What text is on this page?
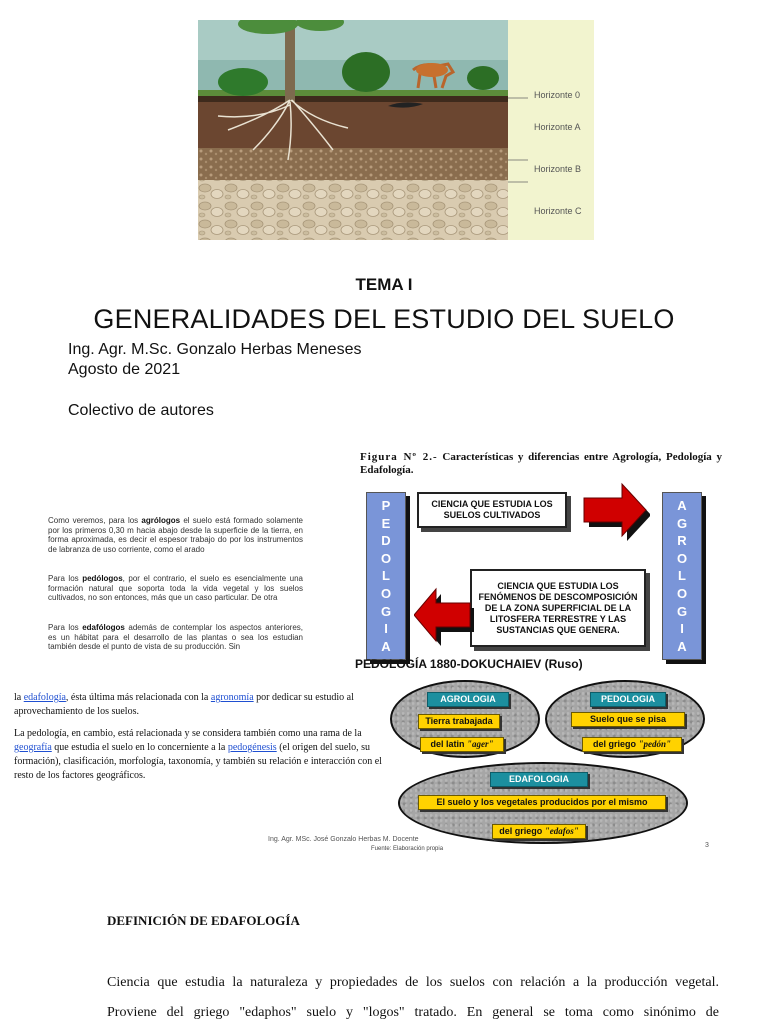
Horizonte 0
Horizonte A
Horizonte B
Horizonte C
TEMA I
GENERALIDADES DEL ESTUDIO DEL SUELO
Ing. Agr. M.Sc. Gonzalo Herbas Meneses
Agosto de 2021
Colectivo de autores
Como veremos, para los agrólogos el suelo está formado solamente por los primeros 0,30 m hacia abajo desde la superficie de la tierra, en forma aproximada, es decir el espesor trabajo do por los instrumentos de labranza de uso corriente, como el arado
Para los pedólogos, por el contrario, el suelo es esencialmente una formación natural que soporta toda la vida vegetal y los suelos cultivados, no son entonces, más que un caso particular. De otra
Para los edafólogos además de contemplar los aspectos anteriores, es un hábitat para el desarrollo de las plantas o sea los estudian también desde el punto de vista de su producción. Sin
Figura Nº 2.- Características y diferencias entre Agrología, Pedología y Edafología.
P
E
D
O
L
O
G
I
A
A
G
R
O
L
O
G
I
A
CIENCIA QUE ESTUDIA LOS SUELOS CULTIVADOS
CIENCIA QUE ESTUDIA LOS FENÓMENOS DE DESCOMPOSICIÓN DE LA ZONA SUPERFICIAL DE LA LITOSFERA TERRESTRE Y LAS SUSTANCIAS QUE GENERA.
PEDOLOGÍA 1880-DOKUCHAIEV (Ruso)
la edafología, ésta última más relacionada con la agronomía por dedicar su estudio al aprovechamiento de los suelos.
La pedología, en cambio, está relacionada y se considera también como una rama de la geografía que estudia el suelo en lo concerniente a la pedogénesis (el origen del suelo, su formación), clasificación, morfología, taxonomía, y también su relación e interacción con el resto de los factores geográficos.
AGROLOGIA
Tierra trabajada
del latin "ager"
PEDOLOGIA
Suelo que se pisa
del griego "pedón"
EDAFOLOGIA
El suelo y los vegetales producidos por el mismo
del griego "edafos"
Ing. Agr. MSc. José Gonzalo Herbas M. Docente
Fuente: Elaboración propia	3
DEFINICIÓN DE EDAFOLOGÍA
Ciencia que estudia la naturaleza y propiedades de los suelos con relación a la producción vegetal.
Proviene del griego "edaphos" suelo y "logos" tratado. En general se toma como sinónimo de
